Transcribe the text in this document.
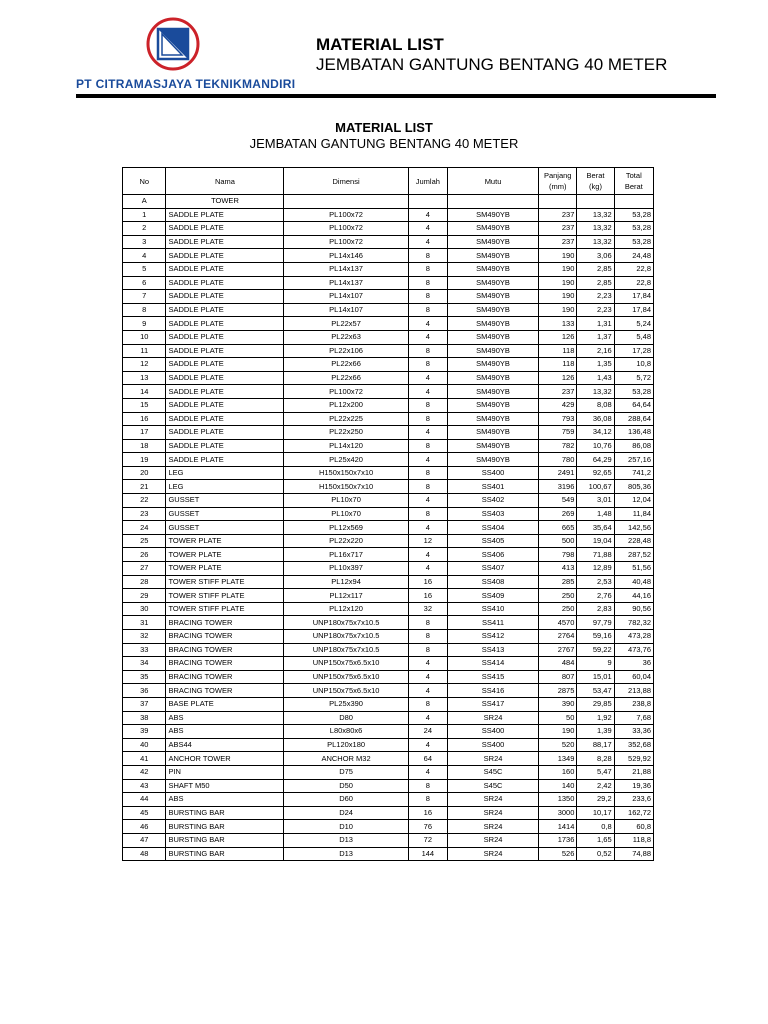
PT CITRAMASJAYA TEKNIKMANDIRI
MATERIAL LIST
JEMBATAN GANTUNG BENTANG 40 METER
MATERIAL LIST
JEMBATAN GANTUNG BENTANG 40 METER
No	Nama	Dimensi	Jumlah	Mutu	Panjang (mm)	Berat (kg)	Total Berat
A	TOWER						
1	SADDLE PLATE	PL100x72	4	SM490YB	237	13,32	53,28
2	SADDLE PLATE	PL100x72	4	SM490YB	237	13,32	53,28
3	SADDLE PLATE	PL100x72	4	SM490YB	237	13,32	53,28
4	SADDLE PLATE	PL14x146	8	SM490YB	190	3,06	24,48
5	SADDLE PLATE	PL14x137	8	SM490YB	190	2,85	22,8
6	SADDLE PLATE	PL14x137	8	SM490YB	190	2,85	22,8
7	SADDLE PLATE	PL14x107	8	SM490YB	190	2,23	17,84
8	SADDLE PLATE	PL14x107	8	SM490YB	190	2,23	17,84
9	SADDLE PLATE	PL22x57	4	SM490YB	133	1,31	5,24
10	SADDLE PLATE	PL22x63	4	SM490YB	126	1,37	5,48
11	SADDLE PLATE	PL22x106	8	SM490YB	118	2,16	17,28
12	SADDLE PLATE	PL22x66	8	SM490YB	118	1,35	10,8
13	SADDLE PLATE	PL22x66	4	SM490YB	126	1,43	5,72
14	SADDLE PLATE	PL100x72	4	SM490YB	237	13,32	53,28
15	SADDLE PLATE	PL12x200	8	SM490YB	429	8,08	64,64
16	SADDLE PLATE	PL22x225	8	SM490YB	793	36,08	288,64
17	SADDLE PLATE	PL22x250	4	SM490YB	759	34,12	136,48
18	SADDLE PLATE	PL14x120	8	SM490YB	782	10,76	86,08
19	SADDLE PLATE	PL25x420	4	SM490YB	780	64,29	257,16
20	LEG	H150x150x7x10	8	SS400	2491	92,65	741,2
21	LEG	H150x150x7x10	8	SS401	3196	100,67	805,36
22	GUSSET	PL10x70	4	SS402	549	3,01	12,04
23	GUSSET	PL10x70	8	SS403	269	1,48	11,84
24	GUSSET	PL12x569	4	SS404	665	35,64	142,56
25	TOWER PLATE	PL22x220	12	SS405	500	19,04	228,48
26	TOWER PLATE	PL16x717	4	SS406	798	71,88	287,52
27	TOWER PLATE	PL10x397	4	SS407	413	12,89	51,56
28	TOWER STIFF PLATE	PL12x94	16	SS408	285	2,53	40,48
29	TOWER STIFF PLATE	PL12x117	16	SS409	250	2,76	44,16
30	TOWER STIFF PLATE	PL12x120	32	SS410	250	2,83	90,56
31	BRACING TOWER	UNP180x75x7x10.5	8	SS411	4570	97,79	782,32
32	BRACING TOWER	UNP180x75x7x10.5	8	SS412	2764	59,16	473,28
33	BRACING TOWER	UNP180x75x7x10.5	8	SS413	2767	59,22	473,76
34	BRACING TOWER	UNP150x75x6.5x10	4	SS414	484	9	36
35	BRACING TOWER	UNP150x75x6.5x10	4	SS415	807	15,01	60,04
36	BRACING TOWER	UNP150x75x6.5x10	4	SS416	2875	53,47	213,88
37	BASE PLATE	PL25x390	8	SS417	390	29,85	238,8
38	ABS	D80	4	SR24	50	1,92	7,68
39	ABS	L80x80x6	24	SS400	190	1,39	33,36
40	ABS44	PL120x180	4	SS400	520	88,17	352,68
41	ANCHOR TOWER	ANCHOR M32	64	SR24	1349	8,28	529,92
42	PIN	D75	4	S45C	160	5,47	21,88
43	SHAFT M50	D50	8	S45C	140	2,42	19,36
44	ABS	D60	8	SR24	1350	29,2	233,6
45	BURSTING BAR	D24	16	SR24	3000	10,17	162,72
46	BURSTING BAR	D10	76	SR24	1414	0,8	60,8
47	BURSTING BAR	D13	72	SR24	1736	1,65	118,8
48	BURSTING BAR	D13	144	SR24	526	0,52	74,88
